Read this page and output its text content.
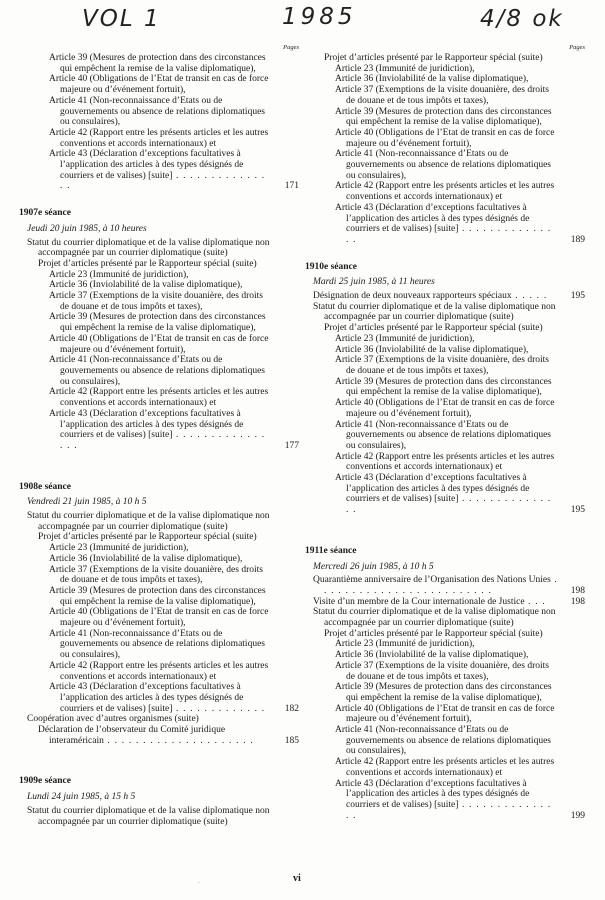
VOL 1	1985	4/8 ok
Pages
Article 39 (Mesures de protection dans des circonstances qui empêchent la remise de la valise diplomatique),
Article 40 (Obligations de l’Etat de transit en cas de force majeure ou d’événement fortuit),
Article 41 (Non-reconnaissance d’Etats ou de gouvernements ou absence de relations diplomatiques ou consulaires),
Article 42 (Rapport entre les présents articles et les autres conventions et accords internationaux) et
Article 43 (Déclaration d’exceptions facultatives à l’application des articles à des types désignés de courriers et de valises) [suite] . . . . . . . . . . . . . . .	171
1907e séance
Jeudi 20 juin 1985, à 10 heures
Statut du courrier diplomatique et de la valise diplomatique non accompagnée par un courrier diplomatique (suite)
Projet d’articles présenté par le Rapporteur spécial (suite)
Article 23 (Immunité de juridiction),
Article 36 (Inviolabilité de la valise diplomatique),
Article 37 (Exemptions de la visite douanière, des droits de douane et de tous impôts et taxes),
Article 39 (Mesures de protection dans des circonstances qui empêchent la remise de la valise diplomatique),
Article 40 (Obligations de l’Etat de transit en cas de force majeure ou d’événement fortuit),
Article 41 (Non-reconnaissance d’Etats ou de gouvernements ou absence de relations diplomatiques ou consulaires),
Article 42 (Rapport entre les présents articles et les autres conventions et accords internationaux) et
Article 43 (Déclaration d’exceptions facultatives à l’application des articles à des types désignés de courriers et de valises) [suite] . . . . . . . . . . . . . . . .	177
1908e séance
Vendredi 21 juin 1985, à 10 h 5
Statut du courrier diplomatique et de la valise diplomatique non accompagnée par un courrier diplomatique (suite)
Projet d’articles présenté par le Rapporteur spécial (suite)
Article 23 (Immunité de juridiction),
Article 36 (Inviolabilité de la valise diplomatique),
Article 37 (Exemptions de la visite douanière, des droits de douane et de tous impôts et taxes),
Article 39 (Mesures de protection dans des circonstances qui empêchent la remise de la valise diplomatique),
Article 40 (Obligations de l’Etat de transit en cas de force majeure ou d’événement fortuit),
Article 41 (Non-reconnaissance d’Etats ou de gouvernements ou absence de relations diplomatiques ou consulaires),
Article 42 (Rapport entre les présents articles et les autres conventions et accords internationaux) et
Article 43 (Déclaration d’exceptions facultatives à l’application des articles à des types désignés de courriers et de valises) [suite] . . . . . . . . . . . . . 182
Coopération avec d’autres organismes (suite)
Déclaration de l’observateur du Comité juridique interaméricain . . . . . . . . . . . . . . . . . . . . .	185
1909e séance
Lundi 24 juin 1985, à 15 h 5
Statut du courrier diplomatique et de la valise diplomatique non accompagnée par un courrier diplomatique (suite)
Pages
Projet d’articles présenté par le Rapporteur spécial (suite)
Article 23 (Immunité de juridiction),
Article 36 (Inviolabilité de la valise diplomatique),
Article 37 (Exemptions de la visite douanière, des droits de douane et de tous impôts et taxes),
Article 39 (Mesures de protection dans des circonstances qui empêchent la remise de la valise diplomatique),
Article 40 (Obligations de l’Etat de transit en cas de force majeure ou d’événement fortuit),
Article 41 (Non-reconnaissance d’Etats ou de gouvernements ou absence de relations diplomatiques ou consulaires),
Article 42 (Rapport entre les présents articles et les autres conventions et accords internationaux) et
Article 43 (Déclaration d’exceptions facultatives à l’application des articles à des types désignés de courriers et de valises) [suite] . . . . . . . . . . . . . . .	189
1910e séance
Mardi 25 juin 1985, à 11 heures
Désignation de deux nouveaux rapporteurs spéciaux . . . . . 195
Statut du courrier diplomatique et de la valise diplomatique non accompagnée par un courrier diplomatique (suite)
Projet d’articles présenté par le Rapporteur spécial (suite)
Article 23 (Immunité de juridiction),
Article 36 (Inviolabilité de la valise diplomatique),
Article 37 (Exemptions de la visite douanière, des droits de douane et de tous impôts et taxes),
Article 39 (Mesures de protection dans des circonstances qui empêchent la remise de la valise diplomatique),
Article 40 (Obligations de l’Etat de transit en cas de force majeure ou d’événement fortuit),
Article 41 (Non-reconnaissance d’Etats ou de gouvernements ou absence de relations diplomatiques ou consulaires),
Article 42 (Rapport entre les présents articles et les autres conventions et accords internationaux) et
Article 43 (Déclaration d’exceptions facultatives à l’application des articles à des types désignés de courriers et de valises) [suite] . . . . . . . . . . . . . . .	195
1911e séance
Mercredi 26 juin 1985, à 10 h 5
Quarantième anniversaire de l’Organisation des Nations Unies . . . . . . . . . . . . . . . . . . . . . . . . .	198
Visite d’un membre de la Cour internationale de Justice . . .	198
Statut du courrier diplomatique et de la valise diplomatique non accompagnée par un courrier diplomatique (suite)
Projet d’articles présenté par le Rapporteur spécial (suite)
Article 23 (Immunité de juridiction),
Article 36 (Inviolabilité de la valise diplomatique),
Article 37 (Exemptions de la visite douanière, des droits de douane et de tous impôts et taxes),
Article 39 (Mesures de protection dans des circonstances qui empêchent la remise de la valise diplomatique),
Article 40 (Obligations de l’Etat de transit en cas de force majeure ou d’événement fortuit),
Article 41 (Non-reconnaissance d’Etats ou de gouvernements ou absence de relations diplomatiques ou consulaires),
Article 42 (Rapport entre les présents articles et les autres conventions et accords internationaux) et
Article 43 (Déclaration d’exceptions facultatives à l’application des articles à des types désignés de courriers et de valises) [suite] . . . . . . . . . . . . . . .	199
˙
vi
